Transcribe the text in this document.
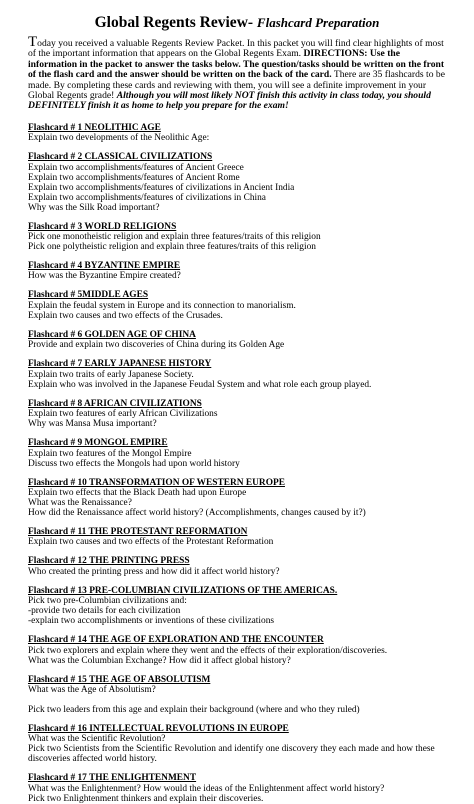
Global Regents Review- Flashcard Preparation
Today you received a valuable Regents Review Packet. In this packet you will find clear highlights of most of the important information that appears on the Global Regents Exam. DIRECTIONS: Use the information in the packet to answer the tasks below. The question/tasks should be written on the front of the flash card and the answer should be written on the back of the card. There are 35 flashcards to be made. By completing these cards and reviewing with them, you will see a definite improvement in your Global Regents grade! Although you will most likely NOT finish this activity in class today, you should DEFINITELY finish it as home to help you prepare for the exam!
Flashcard # 1 NEOLITHIC AGE
Explain two developments of the Neolithic Age:
Flashcard # 2 CLASSICAL CIVILIZATIONS
Explain two accomplishments/features of Ancient Greece
Explain two accomplishments/features of Ancient Rome
Explain two accomplishments/features of civilizations in Ancient India
Explain two accomplishments/features of civilizations in China
Why was the Silk Road important?
Flashcard # 3 WORLD RELIGIONS
Pick one monotheistic religion and explain three features/traits of this religion
Pick one polytheistic religion and explain three features/traits of this religion
Flashcard # 4 BYZANTINE EMPIRE
How was the Byzantine Empire created?
Flashcard # 5MIDDLE AGES
Explain the feudal system in Europe and its connection to manorialism.
Explain two causes and two effects of the Crusades.
Flashcard # 6 GOLDEN AGE OF CHINA
Provide and explain two discoveries of China during its Golden Age
Flashcard # 7 EARLY JAPANESE HISTORY
Explain two traits of early Japanese Society.
Explain who was involved in the Japanese Feudal System and what role each group played.
Flashcard # 8 AFRICAN CIVILIZATIONS
Explain two features of early African Civilizations
Why was Mansa Musa important?
Flashcard # 9 MONGOL EMPIRE
Explain two features of the Mongol Empire
Discuss two effects the Mongols had upon world history
Flashcard # 10 TRANSFORMATION OF WESTERN EUROPE
Explain two effects that the Black Death had upon Europe
What was the Renaissance?
How did the Renaissance affect world history? (Accomplishments, changes caused by it?)
Flashcard # 11 THE PROTESTANT REFORMATION
Explain two causes and two effects of the Protestant Reformation
Flashcard # 12 THE PRINTING PRESS
Who created the printing press and how did it affect world history?
Flashcard # 13 PRE-COLUMBIAN CIVILIZATIONS OF THE AMERICAS.
Pick two pre-Columbian civilizations and:
-provide two details for each civilization
-explain two accomplishments or inventions of these civilizations
Flashcard # 14 THE AGE OF EXPLORATION AND THE ENCOUNTER
Pick two explorers and explain where they went and the effects of their exploration/discoveries.
What was the Columbian Exchange? How did it affect global history?
Flashcard # 15 THE AGE OF ABSOLUTISM
What was the Age of Absolutism?
Pick two leaders from this age and explain their background (where and who they ruled)
Flashcard # 16 INTELLECTUAL REVOLUTIONS IN EUROPE
What was the Scientific Revolution?
Pick two Scientists from the Scientific Revolution and identify one discovery they each made and how these discoveries affected world history.
Flashcard # 17 THE ENLIGHTENMENT
What was the Enlightenment? How would the ideas of the Enlightenment affect world history?
Pick two Enlightenment thinkers and explain their discoveries.
